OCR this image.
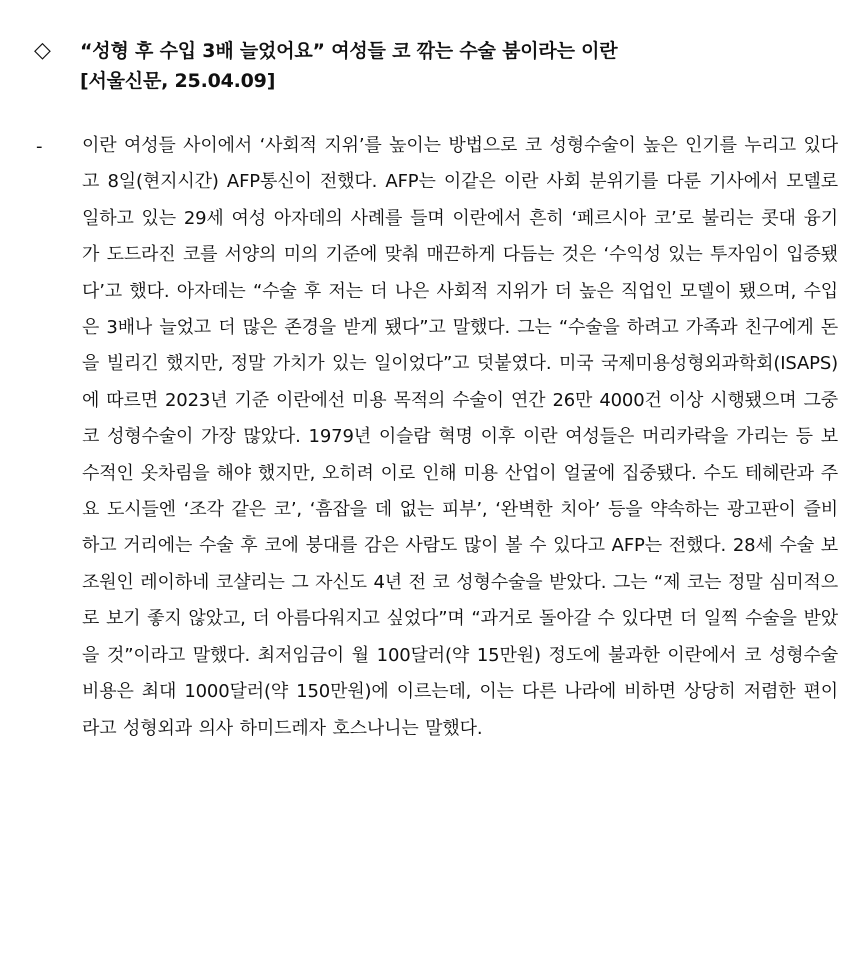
◇ “성형 후 수입 3배 늘었어요” 여성들 코 깎는 수술 붐이라는 이란
[서울신문, 25.04.09]
- 이란 여성들 사이에서 ‘사회적 지위’를 높이는 방법으로 코 성형수술이 높은 인기를 누리고 있다고 8일(현지시간) AFP통신이 전했다. AFP는 이같은 이란 사회 분위기를 다룬 기사에서 모델로 일하고 있는 29세 여성 아자데의 사례를 들며 이란에서 흔히 ‘페르시아 코’로 불리는 콧대 융기가 도드라진 코를 서양의 미의 기준에 맞춰 매끈하게 다듬는 것은 ‘수익성 있는 투자임이 입증됐다’고 했다. 아자데는 “수술 후 저는 더 나은 사회적 지위가 더 높은 직업인 모델이 됐으며, 수입은 3배나 늘었고 더 많은 존경을 받게 됐다”고 말했다. 그는 “수술을 하려고 가족과 친구에게 돈을 빌리긴 했지만, 정말 가치가 있는 일이었다”고 덧붙였다. 미국 국제미용성형외과학회(ISAPS)에 따르면 2023년 기준 이란에선 미용 목적의 수술이 연간 26만 4000건 이상 시행됐으며 그중 코 성형수술이 가장 많았다. 1979년 이슬람 혁명 이후 이란 여성들은 머리카락을 가리는 등 보수적인 옷차림을 해야 했지만, 오히려 이로 인해 미용 산업이 얼굴에 집중됐다. 수도 테헤란과 주요 도시들엔 ‘조각 같은 코’, ‘흠잡을 데 없는 피부’, ‘완벽한 치아’ 등을 약속하는 광고판이 즐비하고 거리에는 수술 후 코에 붕대를 감은 사람도 많이 볼 수 있다고 AFP는 전했다. 28세 수술 보조원인 레이하네 코샬리는 그 자신도 4년 전 코 성형수술을 받았다. 그는 “제 코는 정말 심미적으로 보기 좋지 않았고, 더 아름다워지고 싶었다”며 “과거로 돌아갈 수 있다면 더 일찍 수술을 받았을 것”이라고 말했다. 최저임금이 월 100달러(약 15만원) 정도에 불과한 이란에서 코 성형수술 비용은 최대 1000달러(약 150만원)에 이르는데, 이는 다른 나라에 비하면 상당히 저렴한 편이라고 성형외과 의사 하미드레자 호스나니는 말했다.
